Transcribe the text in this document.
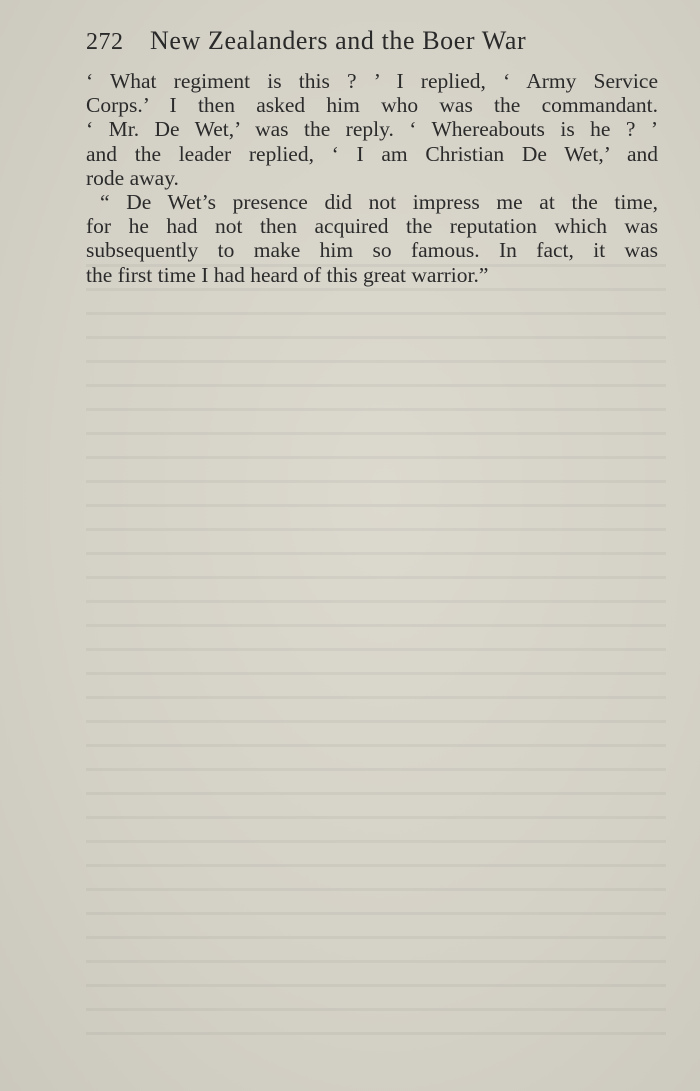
272 New Zealanders and the Boer War
‘ What regiment is this ? ’ I replied, ‘ Army Service
Corps.’ I then asked him who was the commandant.
‘ Mr. De Wet,’ was the reply. ‘ Whereabouts is he ? ’
and the leader replied, ‘ I am Christian De Wet,’ and
rode away.
“ De Wet’s presence did not impress me at the time,
for he had not then acquired the reputation which was
subsequently to make him so famous. In fact, it was
the first time I had heard of this great warrior.”
